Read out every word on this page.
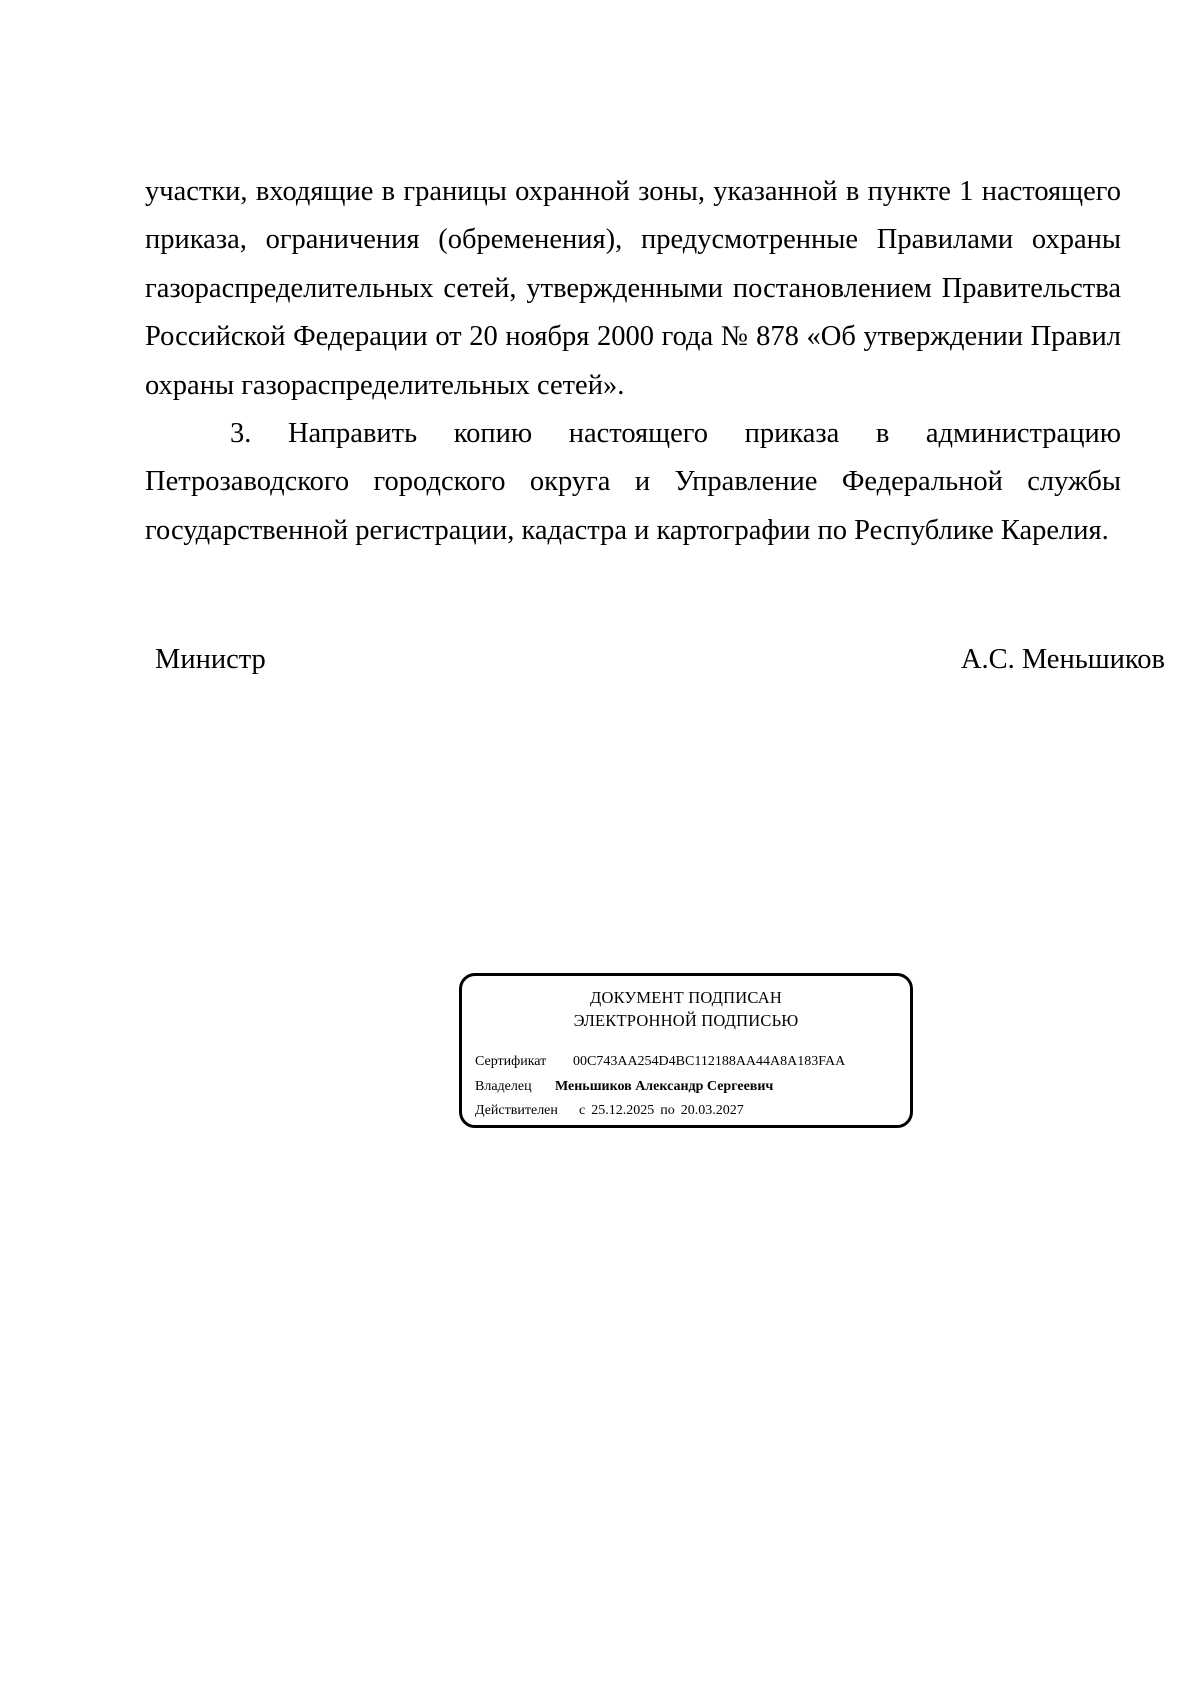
участки, входящие в границы охранной зоны, указанной в пункте 1 настоящего приказа, ограничения (обременения), предусмотренные Правилами охраны газораспределительных сетей, утвержденными постановлением Правительства Российской Федерации от 20 ноября 2000 года № 878 «Об утверждении Правил охраны газораспределительных сетей».

3. Направить копию настоящего приказа в администрацию Петрозаводского городского округа и Управление Федеральной службы государственной регистрации, кадастра и картографии по Республике Карелия.

Министр	А.С. Меньшиков
ДОКУМЕНТ ПОДПИСАН
ЭЛЕКТРОННОЙ ПОДПИСЬЮ
Сертификат 00C743AA254D4BC112188AA44A8A183FAA
Владелец Меньшиков Александр Сергеевич
Действителен с 25.12.2025 по 20.03.2027
